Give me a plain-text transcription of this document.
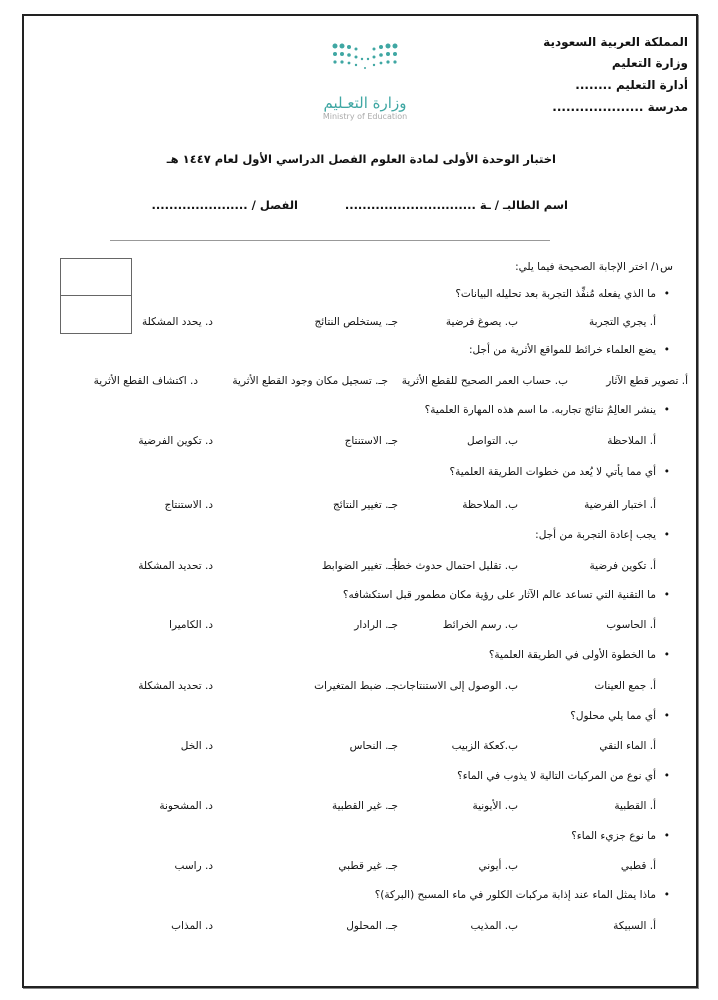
المملكة العربية السعودية
وزارة التعليم
أدارة التعليم ........
مدرسة ....................
وزارة التعـليم
Ministry of Education
اختبار الوحدة الأولى لمادة العلوم الفصل الدراسي الأول لعام ١٤٤٧ هـ
اسم الطالبـ / ـة ..............................
الفصل / ......................
س١/ اختر الإجابة الصحيحة فيما يلي:
• ما الذي يفعله مُنفِّذ التجربة بعد تحليله البيانات؟
أ. يجري التجربة
ب. يصوغ فرضية
جـ. يستخلص النتائج
د. يحدد المشكلة
• يضع العلماء خرائط للمواقع الأثرية من أجل:
أ. تصوير قطع الآثار
ب. حساب العمر الصحيح للقطع الأثرية
جـ. تسجيل مكان وجود القطع الأثرية
د. اكتشاف القطع الأثرية
• ينشر العالِمُ نتائج تجاربه. ما اسم هذه المهارة العلمية؟
أ. الملاحظة
ب. التواصل
جـ. الاستنتاج
د. تكوين الفرضية
• أي مما يأتي لا يُعد من خطوات الطريقة العلمية؟
أ. اختبار الفرضية
ب. الملاحظة
جـ. تغيير النتائج
د. الاستنتاج
• يجب إعادة التجربة من أجل:
أ. تكوين فرضية
ب. تقليل احتمال حدوث خطأ
جـ. تغيير الضوابط
د. تحديد المشكلة
• ما التقنية التي تساعد عالم الآثار على رؤية مكان مطمور قبل استكشافه؟
أ. الحاسوب
ب. رسم الخرائط
جـ. الرادار
د. الكاميرا
• ما الخطوة الأولى في الطريقة العلمية؟
أ. جمع العينات
ب. الوصول إلى الاستنتاجات
جـ. ضبط المتغيرات
د. تحديد المشكلة
• أي مما يلي محلول؟
أ. الماء النقي
ب.كعكة الزبيب
جـ. النحاس
د. الخل
• أي نوع من المركبات التالية لا يذوب في الماء؟
أ. القطبية
ب. الأيونية
جـ. غير القطبية
د. المشحونة
• ما نوع جزيء الماء؟
أ. قطبي
ب. أيوني
جـ. غير قطبي
د. راسب
• ماذا يمثل الماء عند إذابة مركبات الكلور في ماء المسبح (البركة)؟
أ. السبيكة
ب. المذيب
جـ. المحلول
د. المذاب
